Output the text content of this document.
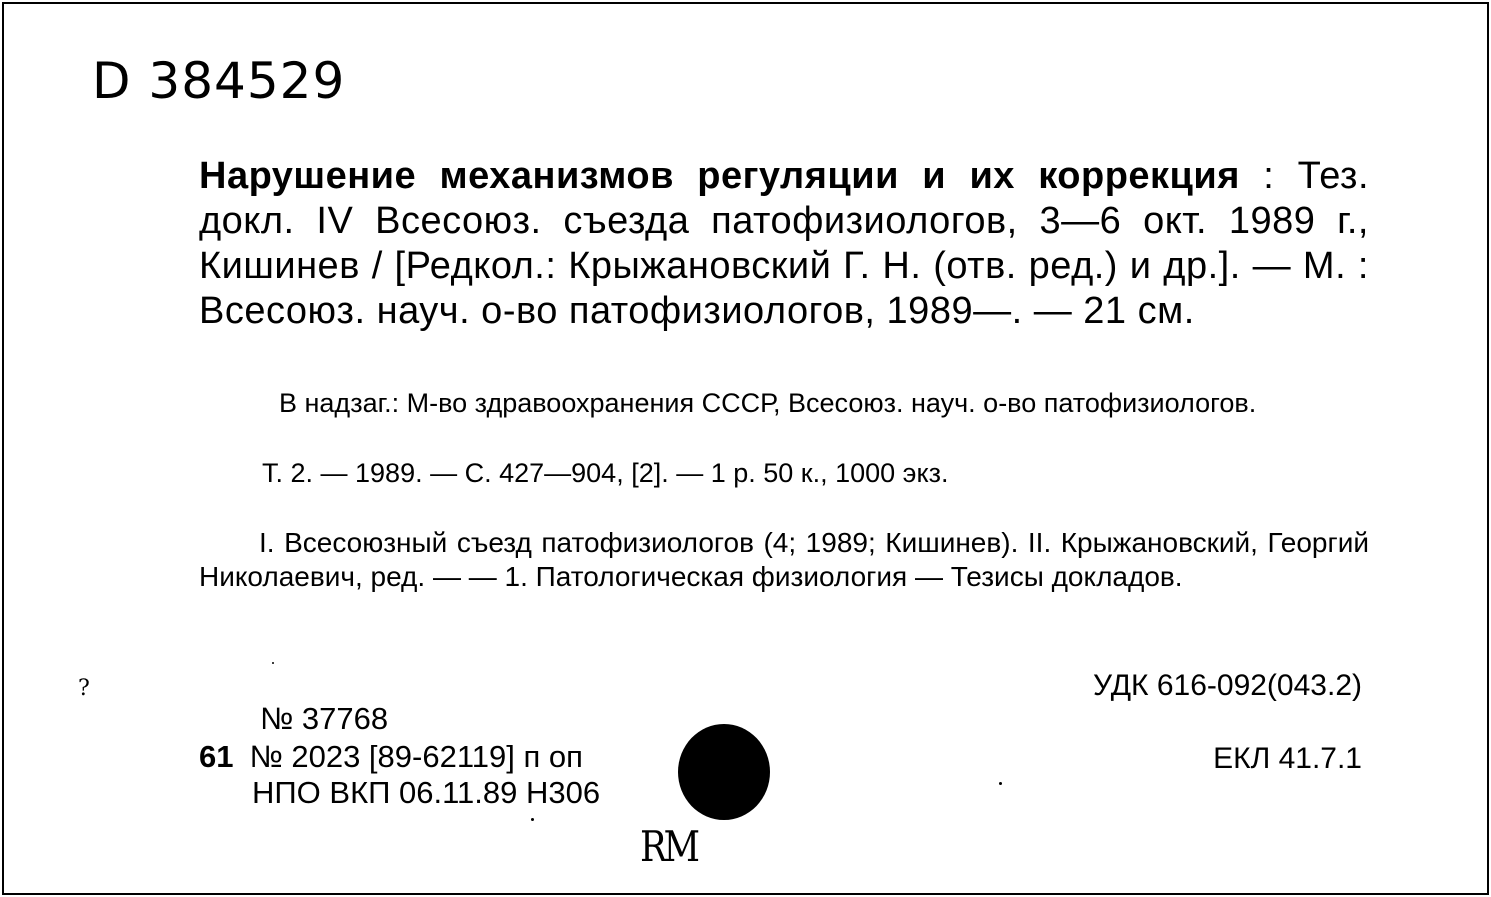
D 384529
Нарушение механизмов регуляции и их коррекция : Тез. докл. IV Всесоюз. съезда патофизиологов, 3—6 окт. 1989 г., Кишинев / [Редкол.: Крыжановский Г. Н. (отв. ред.) и др.]. — М. : Всесоюз. науч. о-во патофизиологов, 1989—. — 21 см.
В надзаг.: М-во здравоохранения СССР, Всесоюз. науч. о-во патофизиологов.
Т. 2. — 1989. — С. 427—904, [2]. — 1 р. 50 к., 1000 экз.
I. Всесоюзный съезд патофизиологов (4; 1989; Кишинев). II. Крыжановский, Георгий Николаевич, ред. — — 1. Патологическая физиология — Тезисы докладов.
УДК 616-092(043.2)
ЕКЛ 41.7.1
?
№ 37768
61 № 2023 [89-62119] п оп
НПО ВКП 06.11.89 Н306
RM
